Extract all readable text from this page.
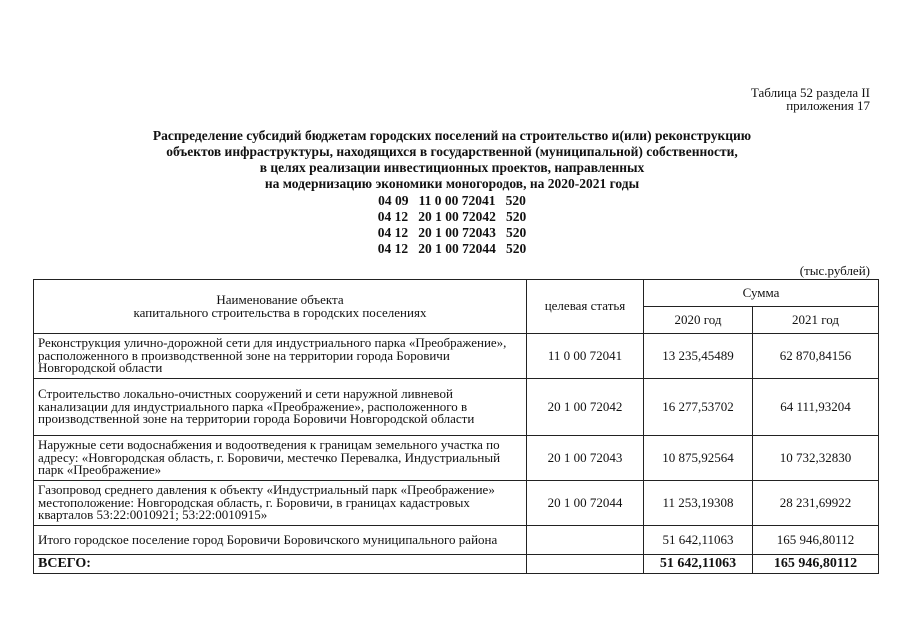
Таблица 52 раздела II
приложения 17
Распределение субсидий бюджетам городских поселений на строительство и(или) реконструкцию
объектов инфраструктуры, находящихся в государственной (муниципальной) собственности,
в целях реализации инвестиционных проектов, направленных
на модернизацию экономики моногородов, на 2020-2021 годы
04 09   11 0 00 72041   520
04 12   20 1 00 72042   520
04 12   20 1 00 72043   520
04 12   20 1 00 72044   520
(тыс.рублей)
Наименование объекта
капитального строительства в городских поселениях	целевая статья	Сумма	
		2020 год	2021 год
Реконструкция улично-дорожной сети для индустриального парка «Преображение», расположенного в производственной зоне на территории города Боровичи Новгородской области	11 0 00 72041	13 235,45489	62 870,84156
Строительство локально-очистных сооружений и сети наружной ливневой канализации для индустриального парка «Преображение», расположенного в производственной зоне на территории города Боровичи Новгородской области	20 1 00 72042	16 277,53702	64 111,93204
Наружные сети водоснабжения и водоотведения к границам земельного участка по адресу: «Новгородская область, г. Боровичи, местечко Перевалка, Индустриальный парк «Преображение»	20 1 00 72043	10 875,92564	10 732,32830
Газопровод среднего давления к объекту «Индустриальный парк «Преображение» местоположение: Новгородская область, г. Боровичи, в границах кадастровых кварталов 53:22:0010921; 53:22:0010915»	20 1 00 72044	11 253,19308	28 231,69922
Итого городское поселение город Боровичи Боровичского муниципального района		51 642,11063	165 946,80112
ВСЕГО:		51 642,11063	165 946,80112
